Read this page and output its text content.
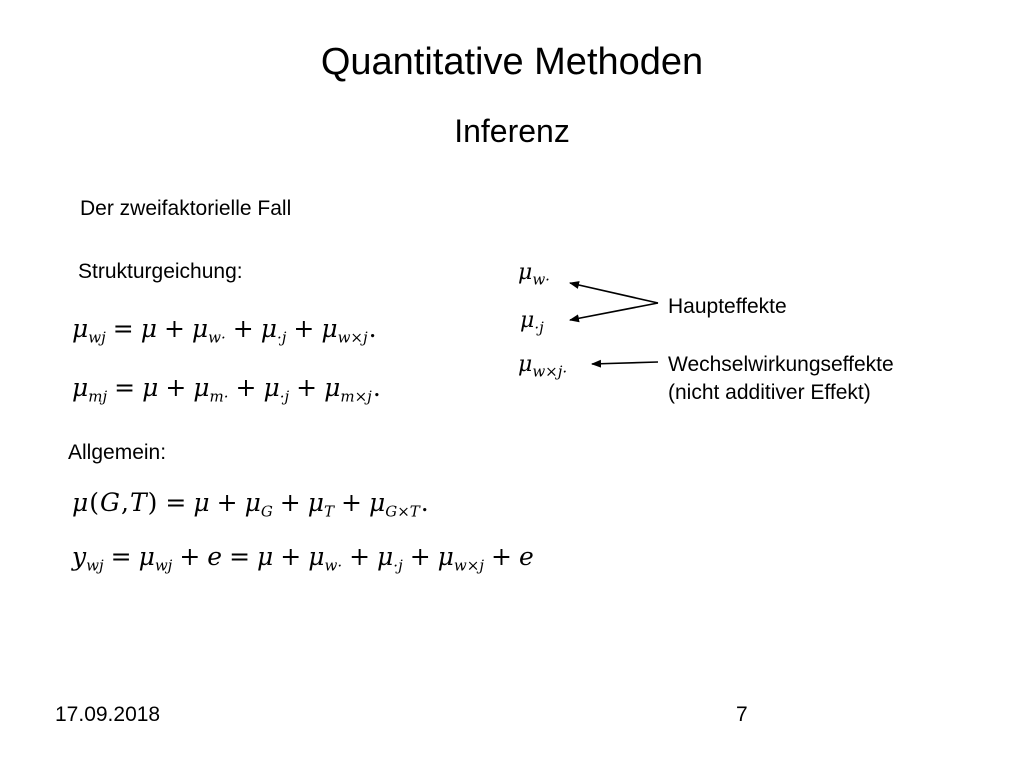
Quantitative Methoden
Inferenz
Der zweifaktorielle Fall
Strukturgeichung:
$\mu_{wj} = \mu + \mu_{w\cdot} + \mu_{\cdot j} + \mu_{w\times j}$.
$\mu_{mj} = \mu + \mu_{m\cdot} + \mu_{\cdot j} + \mu_{m\times j}$.
Allgemein:
$\mu(G,T) = \mu + \mu_G + \mu_T + \mu_{G\times T}$.
$y_{wj} = \mu_{wj} + e = \mu + \mu_{w\cdot} + \mu_{\cdot j} + \mu_{w\times j} + e$
$\mu_{w\cdot}$
$\mu_{\cdot j}$
$\mu_{w\times j\cdot}$
Haupteffekte
Wechselwirkungseffekte
(nicht additiver Effekt)
17.09.2018	7
